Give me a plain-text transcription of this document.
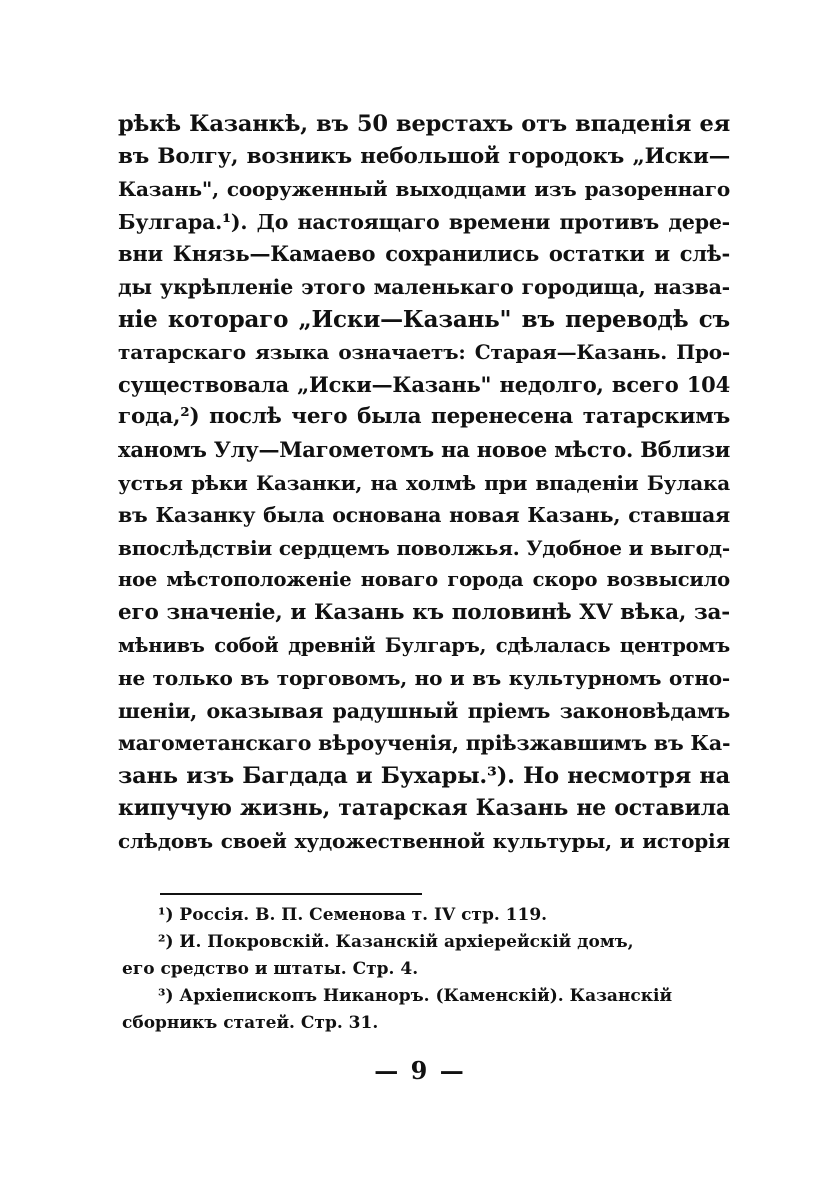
рѣкѣ Казанкѣ, въ 50 верстахъ отъ впаденія ея
въ Волгу, возникъ небольшой городокъ „Иски—
Казань", сооруженный выходцами изъ разореннаго
Булгара.¹). До настоящаго времени противъ дере-
вни Князь—Камаево сохранились остатки и слѣ-
ды укрѣпленіе этого маленькаго городища, назва-
ніе котораго „Иски—Казань" въ переводѣ съ
татарскаго языка означаетъ: Старая—Казань. Про-
существовала „Иски—Казань" недолго, всего 104
года,²) послѣ чего была перенесена татарскимъ
ханомъ Улу—Магометомъ на новое мѣсто. Вблизи
устья рѣки Казанки, на холмѣ при впаденіи Булака
въ Казанку была основана новая Казань, ставшая
впослѣдствіи сердцемъ поволжья. Удобное и выгод-
ное мѣстоположеніе новаго города скоро возвысило
его значеніе, и Казань къ половинѣ XV вѣка, за-
мѣнивъ собой древній Булгаръ, сдѣлалась центромъ
не только въ торговомъ, но и въ культурномъ отно-
шеніи, оказывая радушный пріемъ законовѣдамъ
магометанскаго вѣроученія, пріѣзжавшимъ въ Ка-
зань изъ Багдада и Бухары.³). Но несмотря на
кипучую жизнь, татарская Казань не оставила
слѣдовъ своей художественной культуры, и исторія
¹) Россія. В. П. Семенова т. IV стр. 119.
²) И. Покровскій. Казанскій архіерейскій домъ,
его средство и штаты. Стр. 4.
³) Архіепископъ Никаноръ. (Каменскій). Казанскій
сборникъ статей. Стр. 31.
— 9 —
